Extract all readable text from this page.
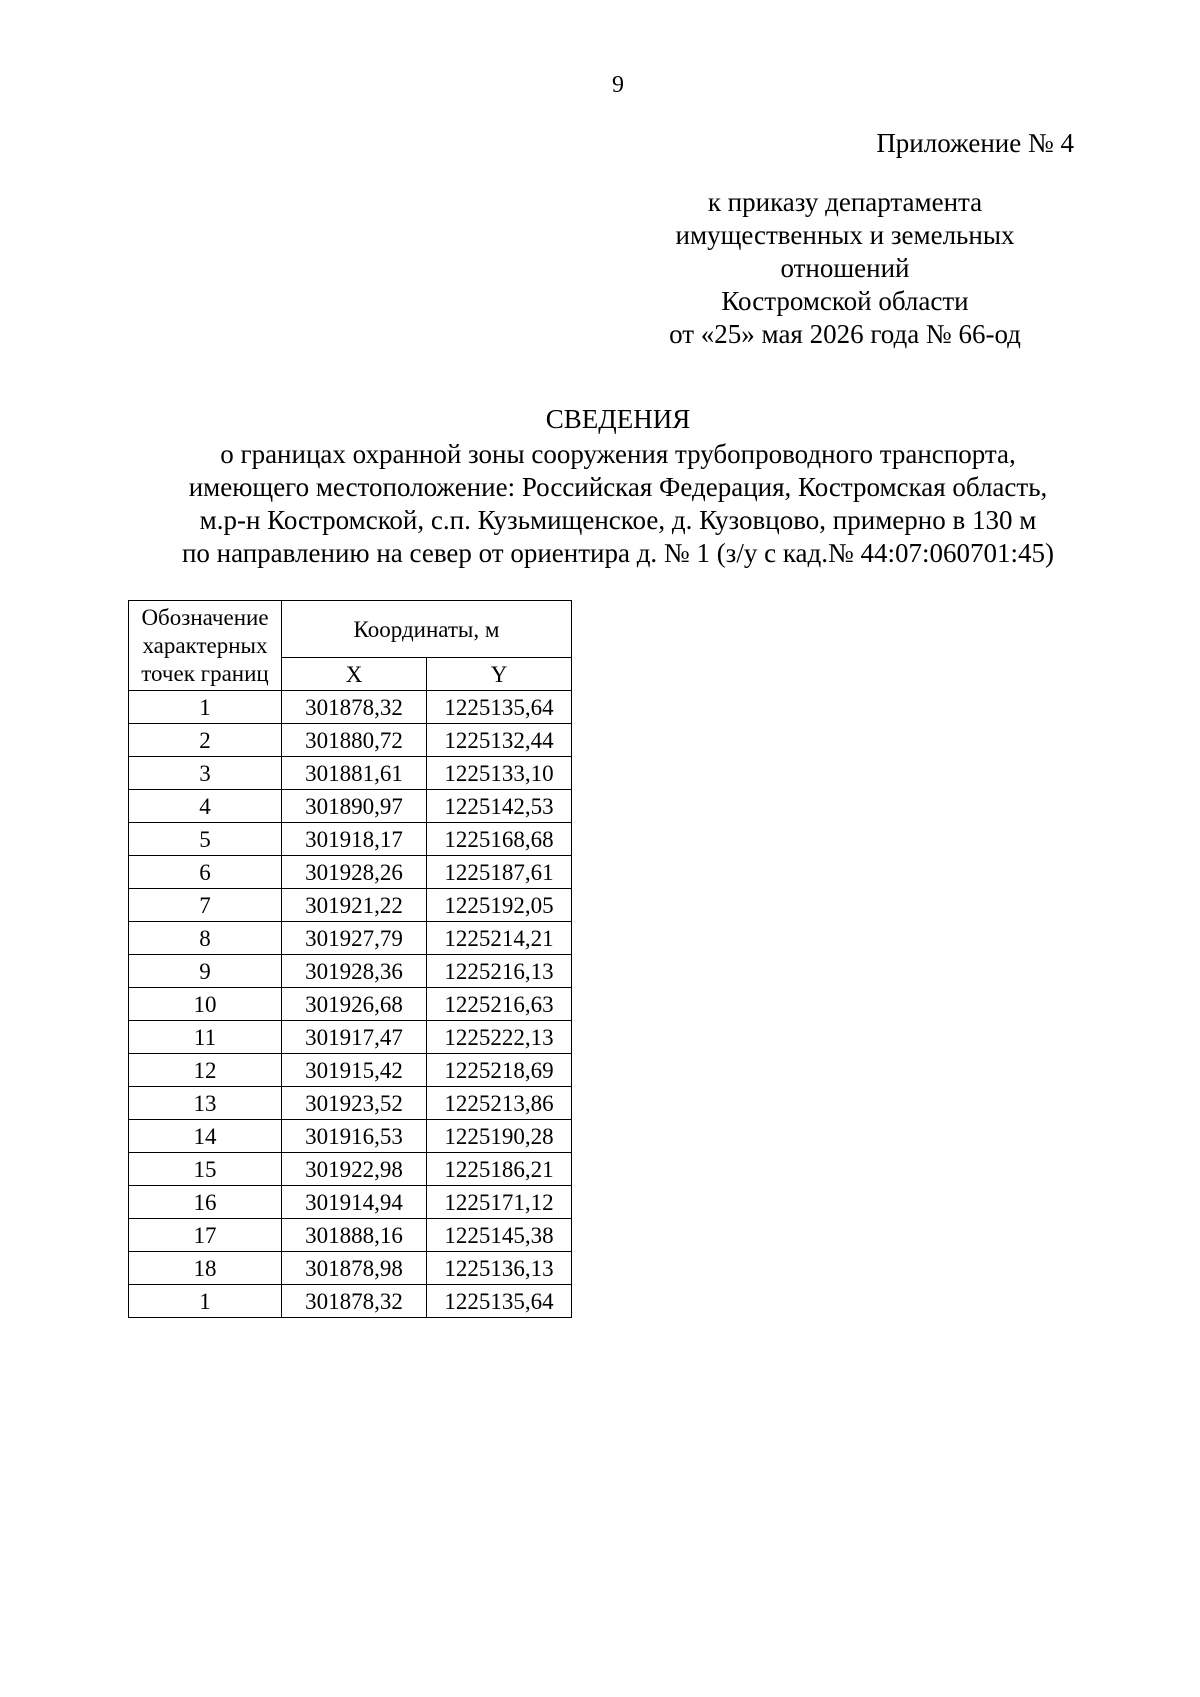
9
Приложение № 4
к приказу департамента
имущественных и земельных
отношений
Костромской области
от «25» мая 2026 года № 66-од
СВЕДЕНИЯ
о границах охранной зоны сооружения трубопроводного транспорта,
имеющего местоположение: Российская Федерация, Костромская область,
м.р-н Костромской, с.п. Кузьмищенское, д. Кузовцово, примерно в 130 м
по направлению на север от ориентира д. № 1 (з/у с кад.№ 44:07:060701:45)
Обозначение характерных точек границ	Координаты, м	
	X	Y
1	301878,32	1225135,64
2	301880,72	1225132,44
3	301881,61	1225133,10
4	301890,97	1225142,53
5	301918,17	1225168,68
6	301928,26	1225187,61
7	301921,22	1225192,05
8	301927,79	1225214,21
9	301928,36	1225216,13
10	301926,68	1225216,63
11	301917,47	1225222,13
12	301915,42	1225218,69
13	301923,52	1225213,86
14	301916,53	1225190,28
15	301922,98	1225186,21
16	301914,94	1225171,12
17	301888,16	1225145,38
18	301878,98	1225136,13
1	301878,32	1225135,64
